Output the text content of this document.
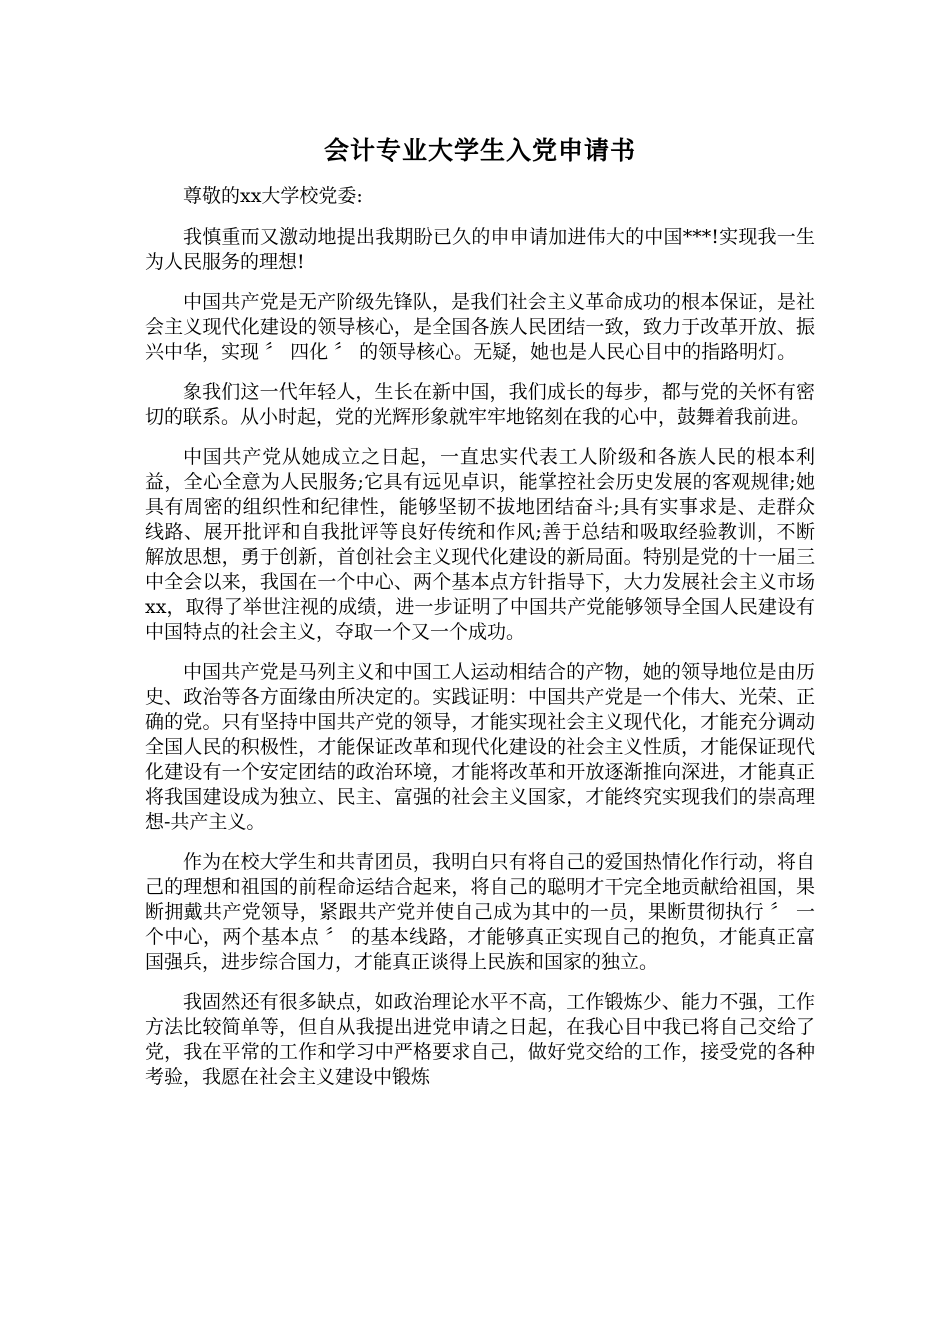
会计专业大学生入党申请书

尊敬的xx大学校党委:

我慎重而又激动地提出我期盼已久的申申请加进伟大的中国***!实现我一生为人民服务的理想!

中国共产党是无产阶级先锋队，是我们社会主义革命成功的根本保证，是社会主义现代化建设的领导核心，是全国各族人民团结一致，致力于改革开放、振兴中华，实现 〞 四化 〞 的领导核心。无疑，她也是人民心目中的指路明灯。

象我们这一代年轻人，生长在新中国，我们成长的每步，都与党的关怀有密切的联系。从小时起，党的光辉形象就牢牢地铭刻在我的心中，鼓舞着我前进。

中国共产党从她成立之日起，一直忠实代表工人阶级和各族人民的根本利益，全心全意为人民服务;它具有远见卓识，能掌控社会历史发展的客观规律;她具有周密的组织性和纪律性，能够坚韧不拔地团结奋斗;具有实事求是、走群众线路、展开批评和自我批评等良好传统和作风;善于总结和吸取经验教训，不断解放思想，勇于创新，首创社会主义现代化建设的新局面。特别是党的十一届三中全会以来，我国在一个中心、两个基本点方针指导下，大力发展社会主义市场xx，取得了举世注视的成绩，进一步证明了中国共产党能够领导全国人民建设有中国特点的社会主义，夺取一个又一个成功。

中国共产党是马列主义和中国工人运动相结合的产物，她的领导地位是由历史、政治等各方面缘由所决定的。实践证明：中国共产党是一个伟大、光荣、正确的党。只有坚持中国共产党的领导，才能实现社会主义现代化，才能充分调动全国人民的积极性，才能保证改革和现代化建设的社会主义性质，才能保证现代化建设有一个安定团结的政治环境，才能将改革和开放逐渐推向深进，才能真正将我国建设成为独立、民主、富强的社会主义国家，才能终究实现我们的崇高理想-共产主义。

作为在校大学生和共青团员，我明白只有将自己的爱国热情化作行动，将自己的理想和祖国的前程命运结合起来，将自己的聪明才干完全地贡献给祖国，果断拥戴共产党领导，紧跟共产党并使自己成为其中的一员，果断贯彻执行 〞 一个中心，两个基本点 〞 的基本线路，才能够真正实现自己的抱负，才能真正富国强兵，进步综合国力，才能真正谈得上民族和国家的独立。

我固然还有很多缺点，如政治理论水平不高，工作锻炼少、能力不强，工作方法比较简单等，但自从我提出进党申请之日起，在我心目中我已将自己交给了党，我在平常的工作和学习中严格要求自己，做好党交给的工作，接受党的各种考验，我愿在社会主义建设中锻炼
